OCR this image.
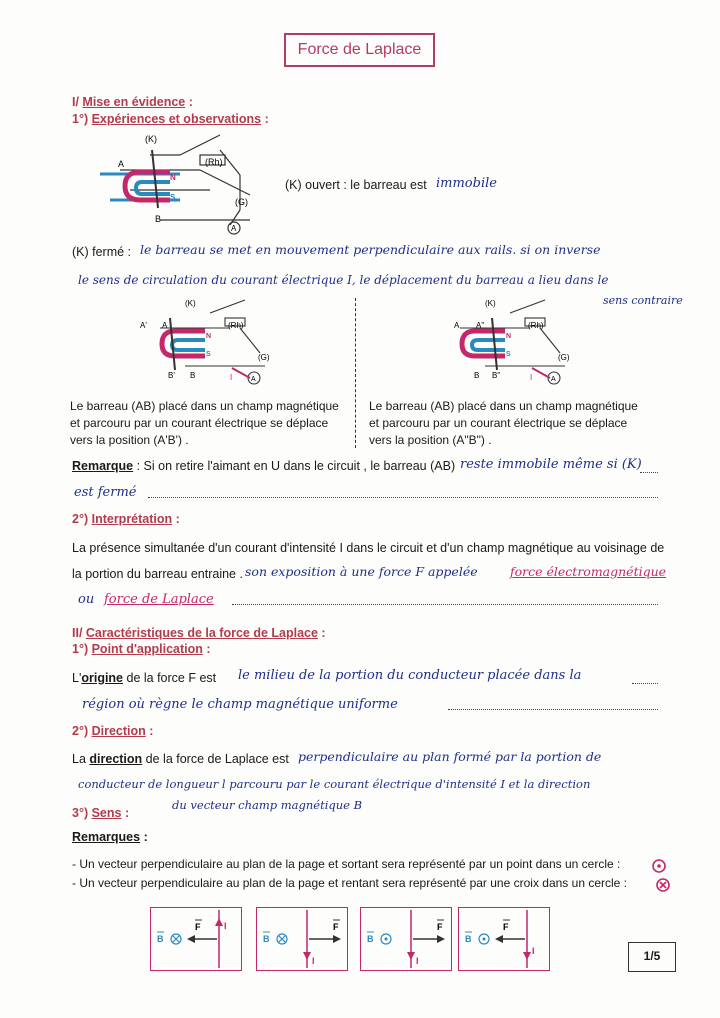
Force de Laplace
I/ Mise en évidence :
1°) Expériences et observations :
(K)
(Rh)
(G)
A
A
B
N
S
(K) ouvert : le barreau est immobile
(K) fermé : le barreau se met en mouvement perpendiculaire aux rails. si on inverse
le sens de circulation du courant électrique I, le déplacement du barreau a lieu dans le
sens contraire
(K)
(Rh)
(G)
A
A' A
B' B
N
S
I
(K)
(Rh)
(G)
A
A A"
B B"
N
S
I
Le barreau (AB) placé dans un champ magnétique
et parcouru par un courant électrique se déplace
vers la position (A'B') .
Le barreau (AB) placé dans un champ magnétique
et parcouru par un courant électrique se déplace
vers la position (A"B") .
Remarque : Si on retire l'aimant en U dans le circuit , le barreau (AB) reste immobile même si (K)
est fermé
2°) Interprétation :
La présence simultanée d'un courant d'intensité I dans le circuit et d'un champ magnétique au voisinage de
la portion du barreau entraine . son exposition à une force F appelée	force électromagnétique
ou force de Laplace
II/ Caractéristiques de la force de Laplace :
1°) Point d'application :
L'origine de la force F est le milieu de la portion du conducteur placée dans la
région où règne le champ magnétique uniforme
2°) Direction :
La direction de la force de Laplace est perpendiculaire au plan formé par la portion de
conducteur de longueur l parcouru par le courant électrique d'intensité I et la direction
du vecteur champ magnétique B
3°) Sens :
Remarques :
- Un vecteur perpendiculaire au plan de la page et sortant sera représenté par un point dans un cercle :
- Un vecteur perpendiculaire au plan de la page et rentant sera représenté par une croix dans un cercle :
B
I
F
B
I
F
B
I
F
B
I
F
1/5
